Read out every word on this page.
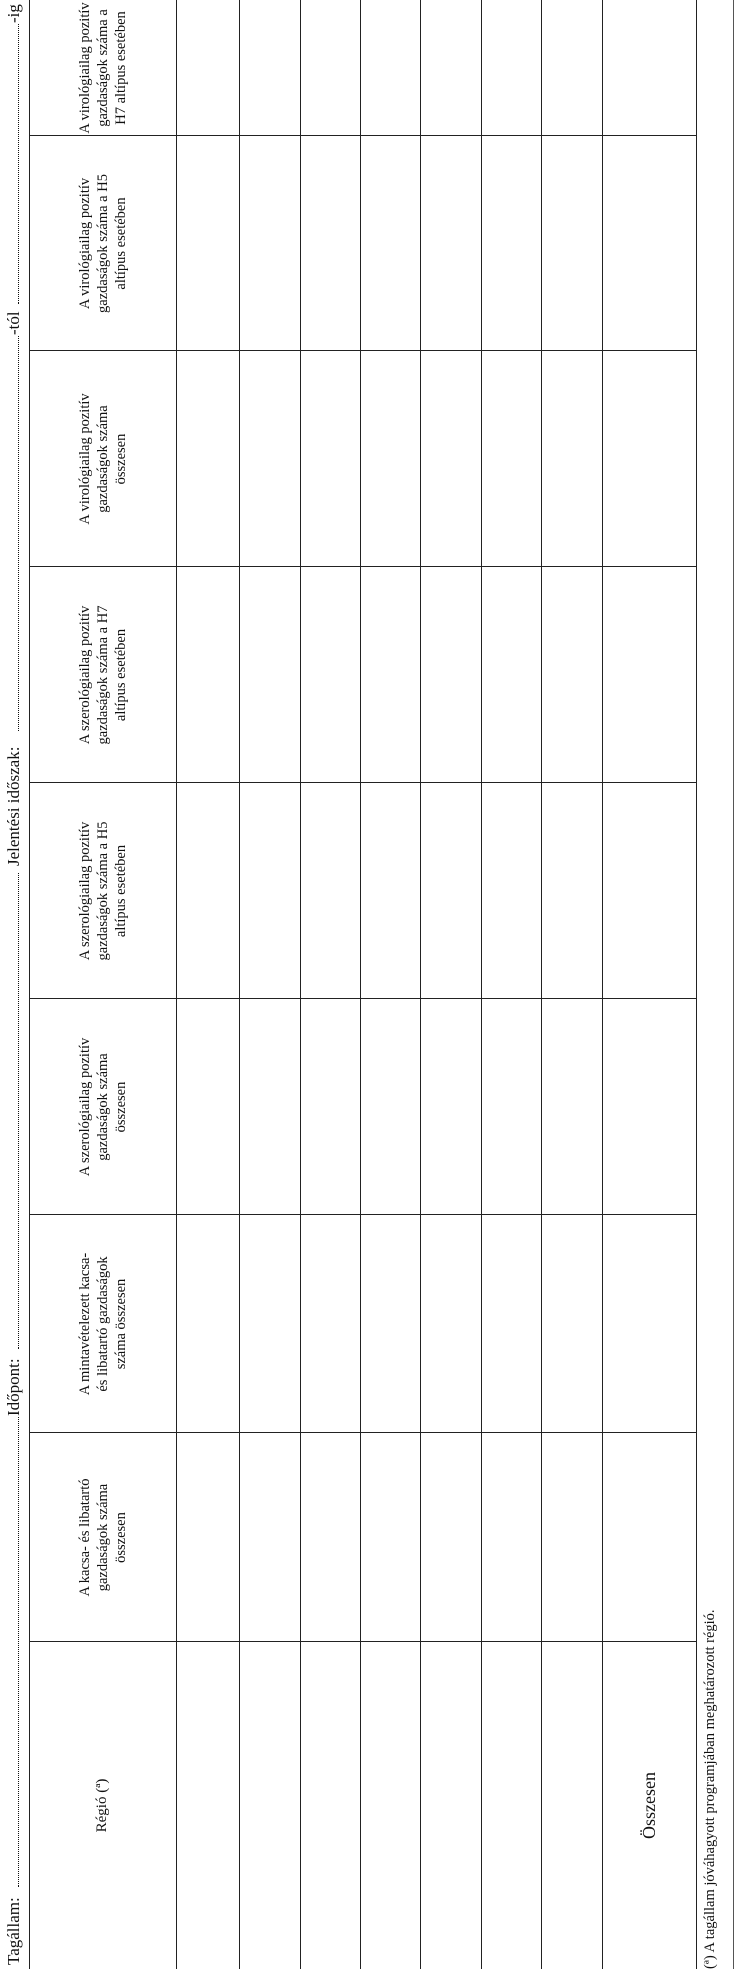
Tagállam:
Időpont:
Jelentési időszak:
-tól
-ig
Régió (ª)
A kacsa- és libatartó gazdaságok száma összesen
A mintavételezett kacsa- és libatartó gazdaságok száma összesen
A szerológiailag pozitív gazdaságok száma összesen
A szerológiailag pozitív gazdaságok száma a H5 altípus esetében
A szerológiailag pozitív gazdaságok száma a H7 altípus esetében
A virológiailag pozitív gazdaságok száma összesen
A virológiailag pozitív gazdaságok száma a H5 altípus esetében
A virológiailag pozitív gazdaságok száma a H7 altípus esetében
Összesen
(ª) A tagállam jóváhagyott programjában meghatározott régió.
